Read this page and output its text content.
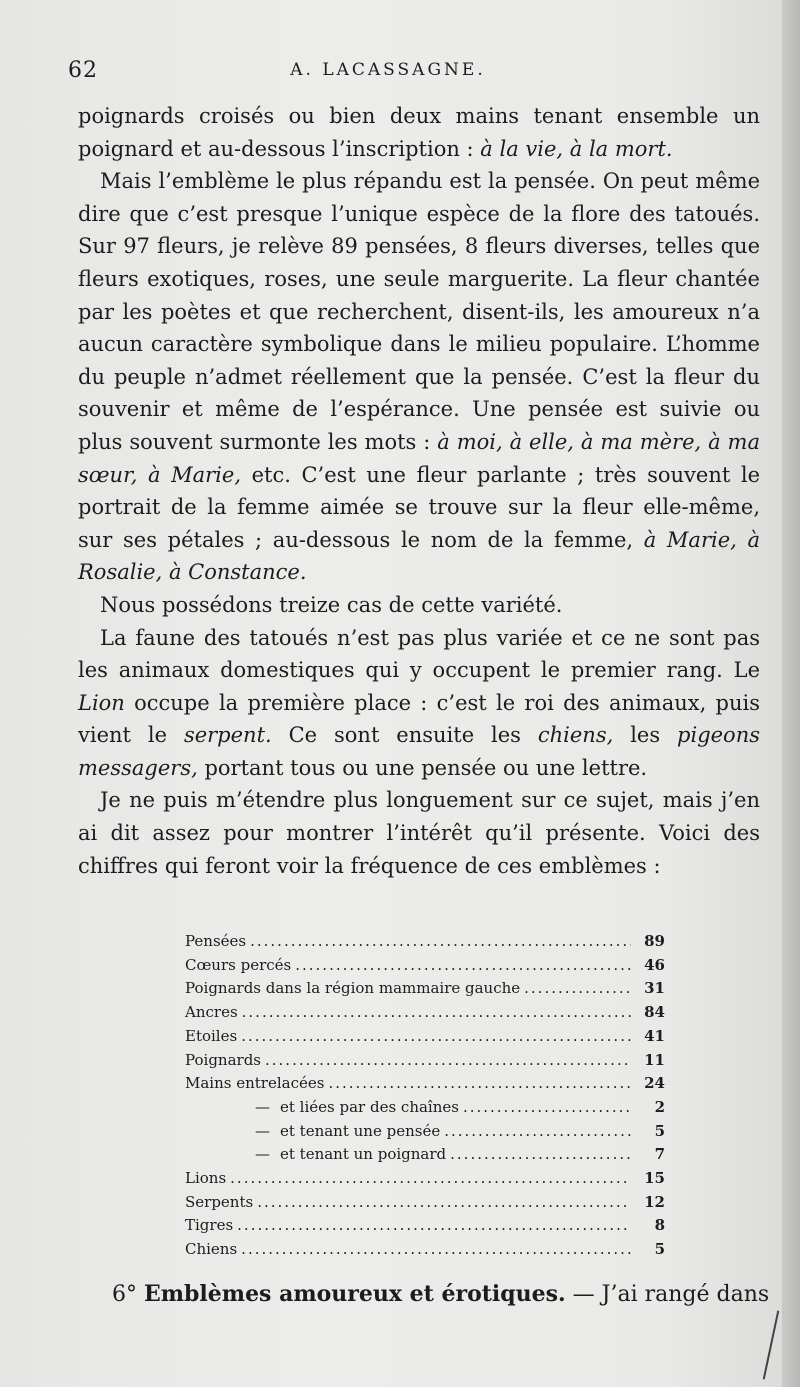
62	A. LACASSAGNE.

poignards croisés ou bien deux mains tenant ensemble un poignard et au-dessous l’inscription : à la vie, à la mort.

Mais l’emblème le plus répandu est la pensée. On peut même dire que c’est presque l’unique espèce de la flore des tatoués. Sur 97 fleurs, je relève 89 pensées, 8 fleurs diverses, telles que fleurs exotiques, roses, une seule marguerite. La fleur chantée par les poètes et que recherchent, disent-ils, les amoureux n’a aucun caractère symbolique dans le milieu populaire. L’homme du peuple n’admet réellement que la pensée. C’est la fleur du souvenir et même de l’espérance. Une pensée est suivie ou plus souvent surmonte les mots : à moi, à elle, à ma mère, à ma sœur, à Marie, etc. C’est une fleur parlante ; très souvent le portrait de la femme aimée se trouve sur la fleur elle-même, sur ses pétales ; au-dessous le nom de la femme, à Marie, à Rosalie, à Constance.

Nous possédons treize cas de cette variété.

La faune des tatoués n’est pas plus variée et ce ne sont pas les animaux domestiques qui y occupent le premier rang. Le Lion occupe la première place : c’est le roi des animaux, puis vient le serpent. Ce sont ensuite les chiens, les pigeons messagers, portant tous ou une pensée ou une lettre.

Je ne puis m’étendre plus longuement sur ce sujet, mais j’en ai dit assez pour montrer l’intérêt qu’il présente. Voici des chiffres qui feront voir la fréquence de ces emblèmes :

Pensées .....	89
Cœurs percés .....	46
Poignards dans la région mammaire gauche .....	31
Ancres .....	84
Etoiles .....	41
Poignards .....	11
Mains entrelacées .....	24
— et liées par des chaînes .....	2
— et tenant une pensée .....	5
— et tenant un poignard .....	7
Lions .....	15
Serpents .....	12
Tigres .....	8
Chiens .....	5
6° Emblèmes amoureux et érotiques. — J’ai rangé dans
